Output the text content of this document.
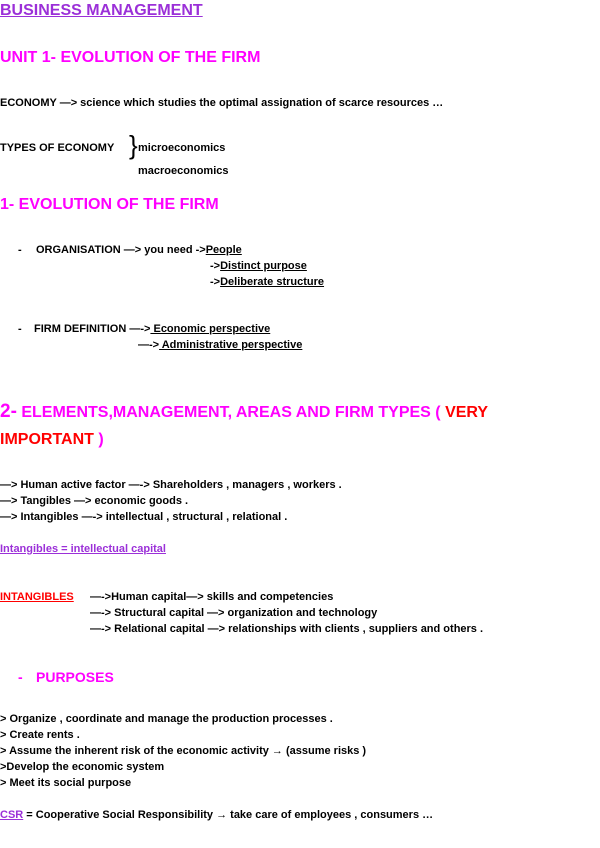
BUSINESS MANAGEMENT
UNIT 1- EVOLUTION OF THE FIRM
ECONOMY —> science which studies the optimal assignation of scarce resources …
TYPES OF ECONOMY } microeconomics
macroeconomics
1- EVOLUTION OF THE FIRM
- ORGANISATION —> you need ->People
->Distinct purpose
->Deliberate structure
- FIRM DEFINITION —-> Economic perspective
—-> Administrative perspective
2- ELEMENTS,MANAGEMENT, AREAS AND FIRM TYPES ( VERY
IMPORTANT )
—> Human active factor —-> Shareholders , managers , workers .
—> Tangibles —> economic goods .
—> Intangibles —-> intellectual , structural , relational .
Intangibles = intellectual capital
INTANGIBLES —->Human capital—> skills and competencies
—-> Structural capital —> organization and technology
—-> Relational capital —> relationships with clients , suppliers and others .
- PURPOSES
> Organize , coordinate and manage the production processes .
> Create rents .
> Assume the inherent risk of the economic activity → (assume risks )
>Develop the economic system
> Meet its social purpose
CSR = Cooperative Social Responsibility → take care of employees , consumers …
